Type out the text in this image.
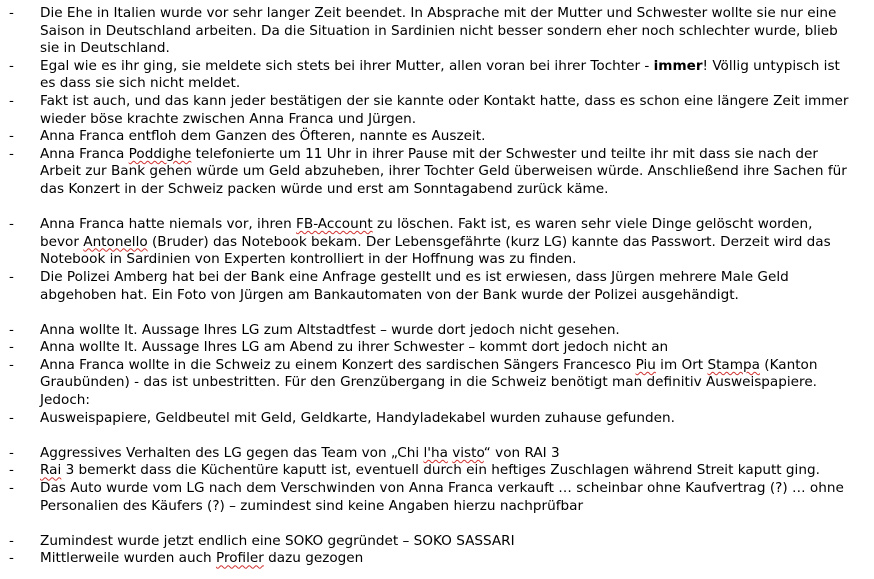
- Die Ehe in Italien wurde vor sehr langer Zeit beendet. In Absprache mit der Mutter und Schwester wollte sie nur eine Saison in Deutschland arbeiten. Da die Situation in Sardinien nicht besser sondern eher noch schlechter wurde, blieb sie in Deutschland.
- Egal wie es ihr ging, sie meldete sich stets bei ihrer Mutter, allen voran bei ihrer Tochter - immer! Völlig untypisch ist es dass sie sich nicht meldet.
- Fakt ist auch, und das kann jeder bestätigen der sie kannte oder Kontakt hatte, dass es schon eine längere Zeit immer wieder böse krachte zwischen Anna Franca und Jürgen.
- Anna Franca entfloh dem Ganzen des Öfteren, nannte es Auszeit.
- Anna Franca Poddighe telefonierte um 11 Uhr in ihrer Pause mit der Schwester und teilte ihr mit dass sie nach der Arbeit zur Bank gehen würde um Geld abzuheben, ihrer Tochter Geld überweisen würde. Anschließend ihre Sachen für das Konzert in der Schweiz packen würde und erst am Sonntagabend zurück käme.
- Anna Franca hatte niemals vor, ihren FB-Account zu löschen. Fakt ist, es waren sehr viele Dinge gelöscht worden, bevor Antonello (Bruder) das Notebook bekam. Der Lebensgefährte (kurz LG) kannte das Passwort. Derzeit wird das Notebook in Sardinien von Experten kontrolliert in der Hoffnung was zu finden.
- Die Polizei Amberg hat bei der Bank eine Anfrage gestellt und es ist erwiesen, dass Jürgen mehrere Male Geld abgehoben hat. Ein Foto von Jürgen am Bankautomaten von der Bank wurde der Polizei ausgehändigt.
- Anna wollte lt. Aussage Ihres LG zum Altstadtfest – wurde dort jedoch nicht gesehen.
- Anna wollte lt. Aussage Ihres LG am Abend zu ihrer Schwester – kommt dort jedoch nicht an
- Anna Franca wollte in die Schweiz zu einem Konzert des sardischen Sängers Francesco Piu im Ort Stampa (Kanton Graubünden) - das ist unbestritten. Für den Grenzübergang in die Schweiz benötigt man definitiv Ausweispapiere. Jedoch:
- Ausweispapiere, Geldbeutel mit Geld, Geldkarte, Handyladekabel wurden zuhause gefunden.
- Aggressives Verhalten des LG gegen das Team von „Chi l'ha visto“ von RAI 3
- Rai 3 bemerkt dass die Küchentüre kaputt ist, eventuell durch ein heftiges Zuschlagen während Streit kaputt ging.
- Das Auto wurde vom LG nach dem Verschwinden von Anna Franca verkauft … scheinbar ohne Kaufvertrag (?) … ohne Personalien des Käufers (?) – zumindest sind keine Angaben hierzu nachprüfbar
- Zumindest wurde jetzt endlich eine SOKO gegründet – SOKO SASSARI
- Mittlerweile wurden auch Profiler dazu gezogen
